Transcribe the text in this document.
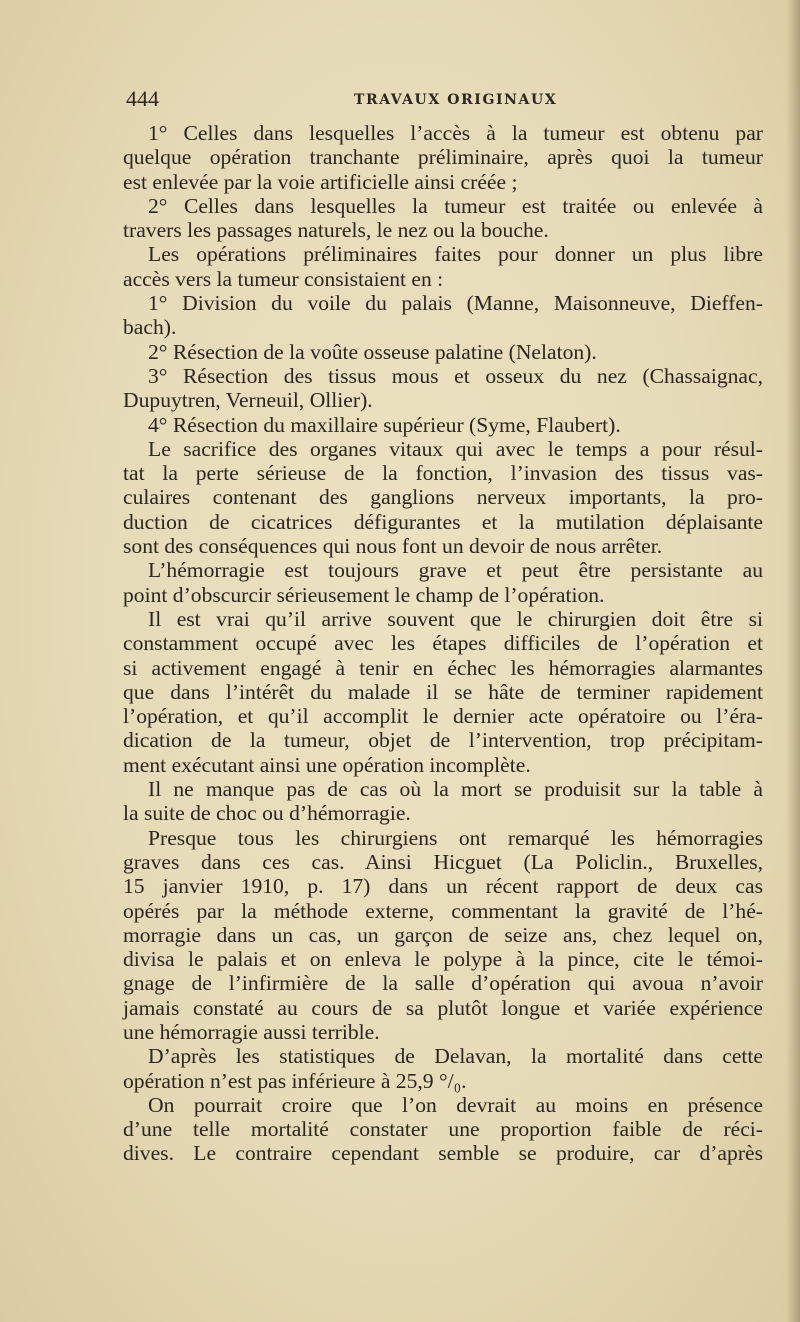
444	TRAVAUX ORIGINAUX
1° Celles dans lesquelles l’accès à la tumeur est obtenu par
quelque opération tranchante préliminaire, après quoi la tumeur
est enlevée par la voie artificielle ainsi créée ;
2° Celles dans lesquelles la tumeur est traitée ou enlevée à
travers les passages naturels, le nez ou la bouche.
Les opérations préliminaires faites pour donner un plus libre
accès vers la tumeur consistaient en :
1° Division du voile du palais (Manne, Maisonneuve, Dieffen-
bach).
2° Résection de la voûte osseuse palatine (Nelaton).
3° Résection des tissus mous et osseux du nez (Chassaignac,
Dupuytren, Verneuil, Ollier).
4° Résection du maxillaire supérieur (Syme, Flaubert).
Le sacrifice des organes vitaux qui avec le temps a pour résul-
tat la perte sérieuse de la fonction, l’invasion des tissus vas-
culaires contenant des ganglions nerveux importants, la pro-
duction de cicatrices défigurantes et la mutilation déplaisante
sont des conséquences qui nous font un devoir de nous arrêter.
L’hémorragie est toujours grave et peut être persistante au
point d’obscurcir sérieusement le champ de l’opération.
Il est vrai qu’il arrive souvent que le chirurgien doit être si
constamment occupé avec les étapes difficiles de l’opération et
si activement engagé à tenir en échec les hémorragies alarmantes
que dans l’intérêt du malade il se hâte de terminer rapidement
l’opération, et qu’il accomplit le dernier acte opératoire ou l’éra-
dication de la tumeur, objet de l’intervention, trop précipitam-
ment exécutant ainsi une opération incomplète.
Il ne manque pas de cas où la mort se produisit sur la table à
la suite de choc ou d’hémorragie.
Presque tous les chirurgiens ont remarqué les hémorragies
graves dans ces cas. Ainsi Hicguet (La Policlin., Bruxelles,
15 janvier 1910, p. 17) dans un récent rapport de deux cas
opérés par la méthode externe, commentant la gravité de l’hé-
morragie dans un cas, un garçon de seize ans, chez lequel on,
divisa le palais et on enleva le polype à la pince, cite le témoi-
gnage de l’infirmière de la salle d’opération qui avoua n’avoir
jamais constaté au cours de sa plutôt longue et variée expérience
une hémorragie aussi terrible.
D’après les statistiques de Delavan, la mortalité dans cette
opération n’est pas inférieure à 25,9 °/₀.
On pourrait croire que l’on devrait au moins en présence
d’une telle mortalité constater une proportion faible de réci-
dives. Le contraire cependant semble se produire, car d’après
